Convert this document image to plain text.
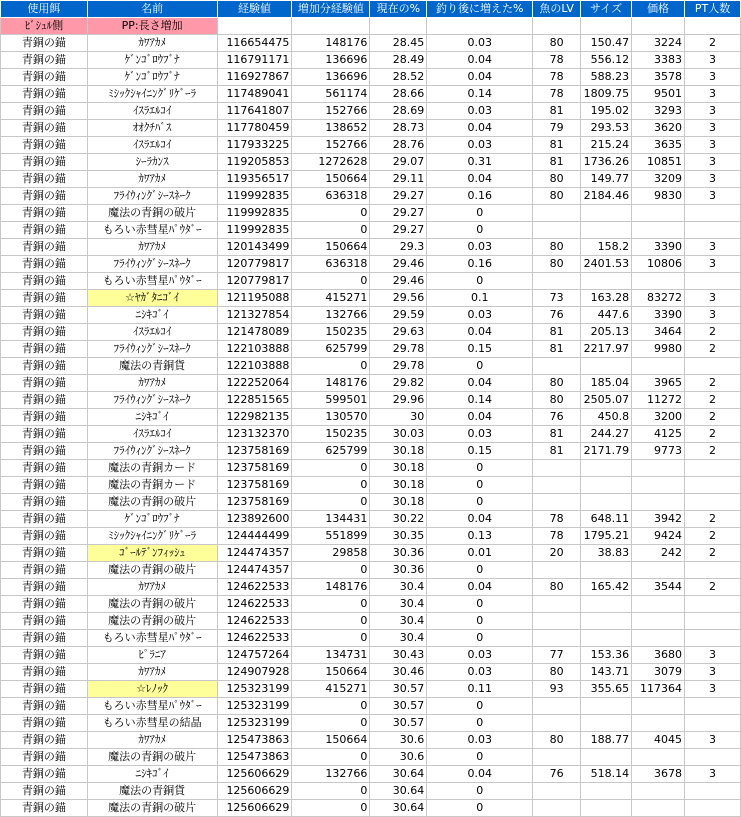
使用餌	名前	経験値	増加分経験値	現在の%	釣り後に増えた%	魚のLV	サイズ	価格	PT人数
ﾋﾞｼｭﾙ側	PP:長さ増加								
青銅の錨	ｶﾜｱｶﾒ	116654475	148176	28.45	0.03	80	150.47	3224	2
青銅の錨	ｹﾞﾝｺﾞﾛｳﾌﾞﾅ	116791171	136696	28.49	0.04	78	556.12	3383	3
青銅の錨	ｹﾞﾝｺﾞﾛｳﾌﾞﾅ	116927867	136696	28.52	0.04	78	588.23	3578	3
青銅の錨	ﾐｼｯｸｼｬｲﾆﾝｸﾞﾘｹﾞｰﾗ	117489041	561174	28.66	0.14	78	1809.75	9501	3
青銅の錨	ｲｽﾗｴﾙｺｲ	117641807	152766	28.69	0.03	81	195.02	3293	3
青銅の錨	ｵｵｸﾁﾊﾞｽ	117780459	138652	28.73	0.04	79	293.53	3620	3
青銅の錨	ｲｽﾗｴﾙｺｲ	117933225	152766	28.76	0.03	81	215.24	3635	3
青銅の錨	ｼｰﾗｶﾝｽ	119205853	1272628	29.07	0.31	81	1736.26	10851	3
青銅の錨	ｶﾜｱｶﾒ	119356517	150664	29.11	0.04	80	149.77	3209	3
青銅の錨	ﾌﾗｲｳｨﾝｸﾞｼｰｽﾈｰｸ	119992835	636318	29.27	0.16	80	2184.46	9830	3
青銅の錨	魔法の青銅の破片	119992835	0	29.27	0				
青銅の錨	もろい赤彗星ﾊﾟｳﾀﾞｰ	119992835	0	29.27	0				
青銅の錨	ｶﾜｱｶﾒ	120143499	150664	29.3	0.03	80	158.2	3390	3
青銅の錨	ﾌﾗｲｳｨﾝｸﾞｼｰｽﾈｰｸ	120779817	636318	29.46	0.16	80	2401.53	10806	3
青銅の錨	もろい赤彗星ﾊﾟｳﾀﾞｰ	120779817	0	29.46	0				
青銅の錨	☆ﾔｶﾞﾀﾆｺﾞｲ	121195088	415271	29.56	0.1	73	163.28	83272	3
青銅の錨	ﾆｼｷｺﾞｲ	121327854	132766	29.59	0.03	76	447.6	3390	3
青銅の錨	ｲｽﾗｴﾙｺｲ	121478089	150235	29.63	0.04	81	205.13	3464	2
青銅の錨	ﾌﾗｲｳｨﾝｸﾞｼｰｽﾈｰｸ	122103888	625799	29.78	0.15	81	2217.97	9980	2
青銅の錨	魔法の青銅貨	122103888	0	29.78	0				
青銅の錨	ｶﾜｱｶﾒ	122252064	148176	29.82	0.04	80	185.04	3965	2
青銅の錨	ﾌﾗｲｳｨﾝｸﾞｼｰｽﾈｰｸ	122851565	599501	29.96	0.14	80	2505.07	11272	2
青銅の錨	ﾆｼｷｺﾞｲ	122982135	130570	30	0.04	76	450.8	3200	2
青銅の錨	ｲｽﾗｴﾙｺｲ	123132370	150235	30.03	0.03	81	244.27	4125	2
青銅の錨	ﾌﾗｲｳｨﾝｸﾞｼｰｽﾈｰｸ	123758169	625799	30.18	0.15	81	2171.79	9773	2
青銅の錨	魔法の青銅カード	123758169	0	30.18	0				
青銅の錨	魔法の青銅カード	123758169	0	30.18	0				
青銅の錨	魔法の青銅の破片	123758169	0	30.18	0				
青銅の錨	ｹﾞﾝｺﾞﾛｳﾌﾞﾅ	123892600	134431	30.22	0.04	78	648.11	3942	2
青銅の錨	ﾐｼｯｸｼｬｲﾆﾝｸﾞﾘｹﾞｰﾗ	124444499	551899	30.35	0.13	78	1795.21	9424	2
青銅の錨	ｺﾞｰﾙﾃﾞﾝﾌｨｯｼｭ	124474357	29858	30.36	0.01	20	38.83	242	2
青銅の錨	魔法の青銅の破片	124474357	0	30.36	0				
青銅の錨	ｶﾜｱｶﾒ	124622533	148176	30.4	0.04	80	165.42	3544	2
青銅の錨	魔法の青銅の破片	124622533	0	30.4	0				
青銅の錨	魔法の青銅の破片	124622533	0	30.4	0				
青銅の錨	もろい赤彗星ﾊﾟｳﾀﾞｰ	124622533	0	30.4	0				
青銅の錨	ﾋﾟﾗﾆｱ	124757264	134731	30.43	0.03	77	153.36	3680	3
青銅の錨	ｶﾜｱｶﾒ	124907928	150664	30.46	0.03	80	143.71	3079	3
青銅の錨	☆ﾚﾉｯｸ	125323199	415271	30.57	0.11	93	355.65	117364	3
青銅の錨	もろい赤彗星ﾊﾟｳﾀﾞｰ	125323199	0	30.57	0				
青銅の錨	もろい赤彗星の結晶	125323199	0	30.57	0				
青銅の錨	ｶﾜｱｶﾒ	125473863	150664	30.6	0.03	80	188.77	4045	3
青銅の錨	魔法の青銅の破片	125473863	0	30.6	0				
青銅の錨	ﾆｼｷｺﾞｲ	125606629	132766	30.64	0.04	76	518.14	3678	3
青銅の錨	魔法の青銅貨	125606629	0	30.64	0				
青銅の錨	魔法の青銅の破片	125606629	0	30.64	0				
